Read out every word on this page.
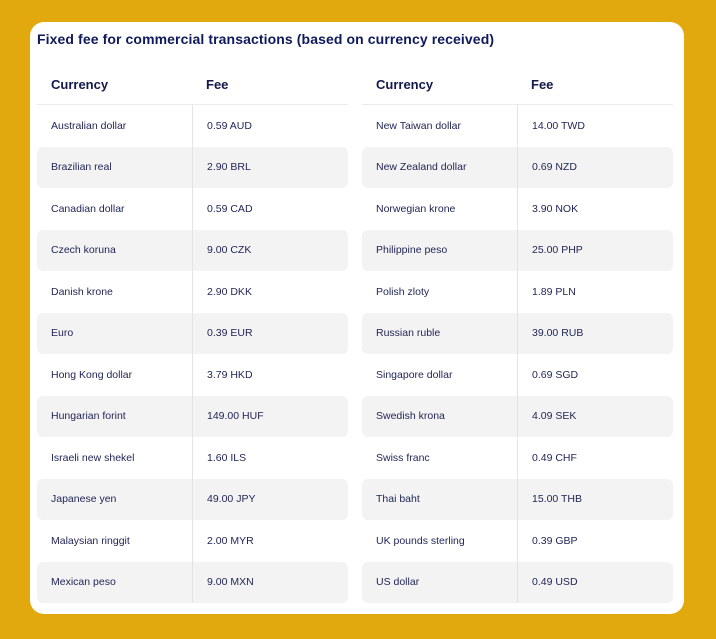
Fixed fee for commercial transactions (based on currency received)
Currency	Fee
Australian dollar	0.59 AUD
Brazilian real	2.90 BRL
Canadian dollar	0.59 CAD
Czech koruna	9.00 CZK
Danish krone	2.90 DKK
Euro	0.39 EUR
Hong Kong dollar	3.79 HKD
Hungarian forint	149.00 HUF
Israeli new shekel	1.60 ILS
Japanese yen	49.00 JPY
Malaysian ringgit	2.00 MYR
Mexican peso	9.00 MXN
Currency	Fee
New Taiwan dollar	14.00 TWD
New Zealand dollar	0.69 NZD
Norwegian krone	3.90 NOK
Philippine peso	25.00 PHP
Polish zloty	1.89 PLN
Russian ruble	39.00 RUB
Singapore dollar	0.69 SGD
Swedish krona	4.09 SEK
Swiss franc	0.49 CHF
Thai baht	15.00 THB
UK pounds sterling	0.39 GBP
US dollar	0.49 USD
